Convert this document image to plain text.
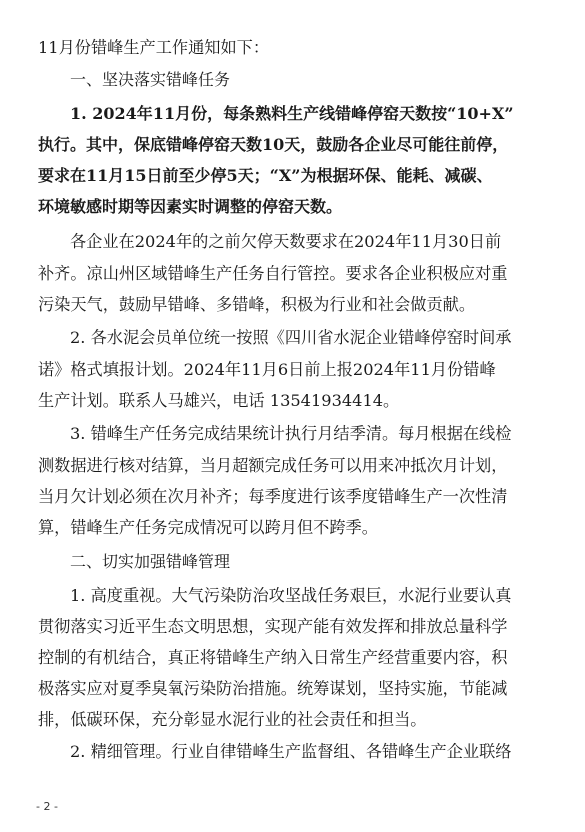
11月份错峰生产工作通知如下：

一、坚决落实错峰任务

1. 2024年11月份，每条熟料生产线错峰停窑天数按“10+X”

执行。其中，保底错峰停窑天数10天，鼓励各企业尽可能往前停，

要求在11月15日前至少停5天；“X”为根据环保、能耗、减碳、

环境敏感时期等因素实时调整的停窑天数。

各企业在2024年的之前欠停天数要求在2024年11月30日前

补齐。凉山州区域错峰生产任务自行管控。要求各企业积极应对重

污染天气，鼓励早错峰、多错峰，积极为行业和社会做贡献。

2. 各水泥会员单位统一按照《四川省水泥企业错峰停窑时间承

诺》格式填报计划。2024年11月6日前上报2024年11月份错峰

生产计划。联系人马雄兴，电话 13541934414。

3. 错峰生产任务完成结果统计执行月结季清。每月根据在线检

测数据进行核对结算，当月超额完成任务可以用来冲抵次月计划，

当月欠计划必须在次月补齐；每季度进行该季度错峰生产一次性清

算，错峰生产任务完成情况可以跨月但不跨季。

二、切实加强错峰管理

1. 高度重视。大气污染防治攻坚战任务艰巨，水泥行业要认真

贯彻落实习近平生态文明思想，实现产能有效发挥和排放总量科学

控制的有机结合，真正将错峰生产纳入日常生产经营重要内容，积

极落实应对夏季臭氧污染防治措施。统筹谋划，坚持实施，节能减

排，低碳环保，充分彰显水泥行业的社会责任和担当。

2. 精细管理。行业自律错峰生产监督组、各错峰生产企业联络

- 2 -
